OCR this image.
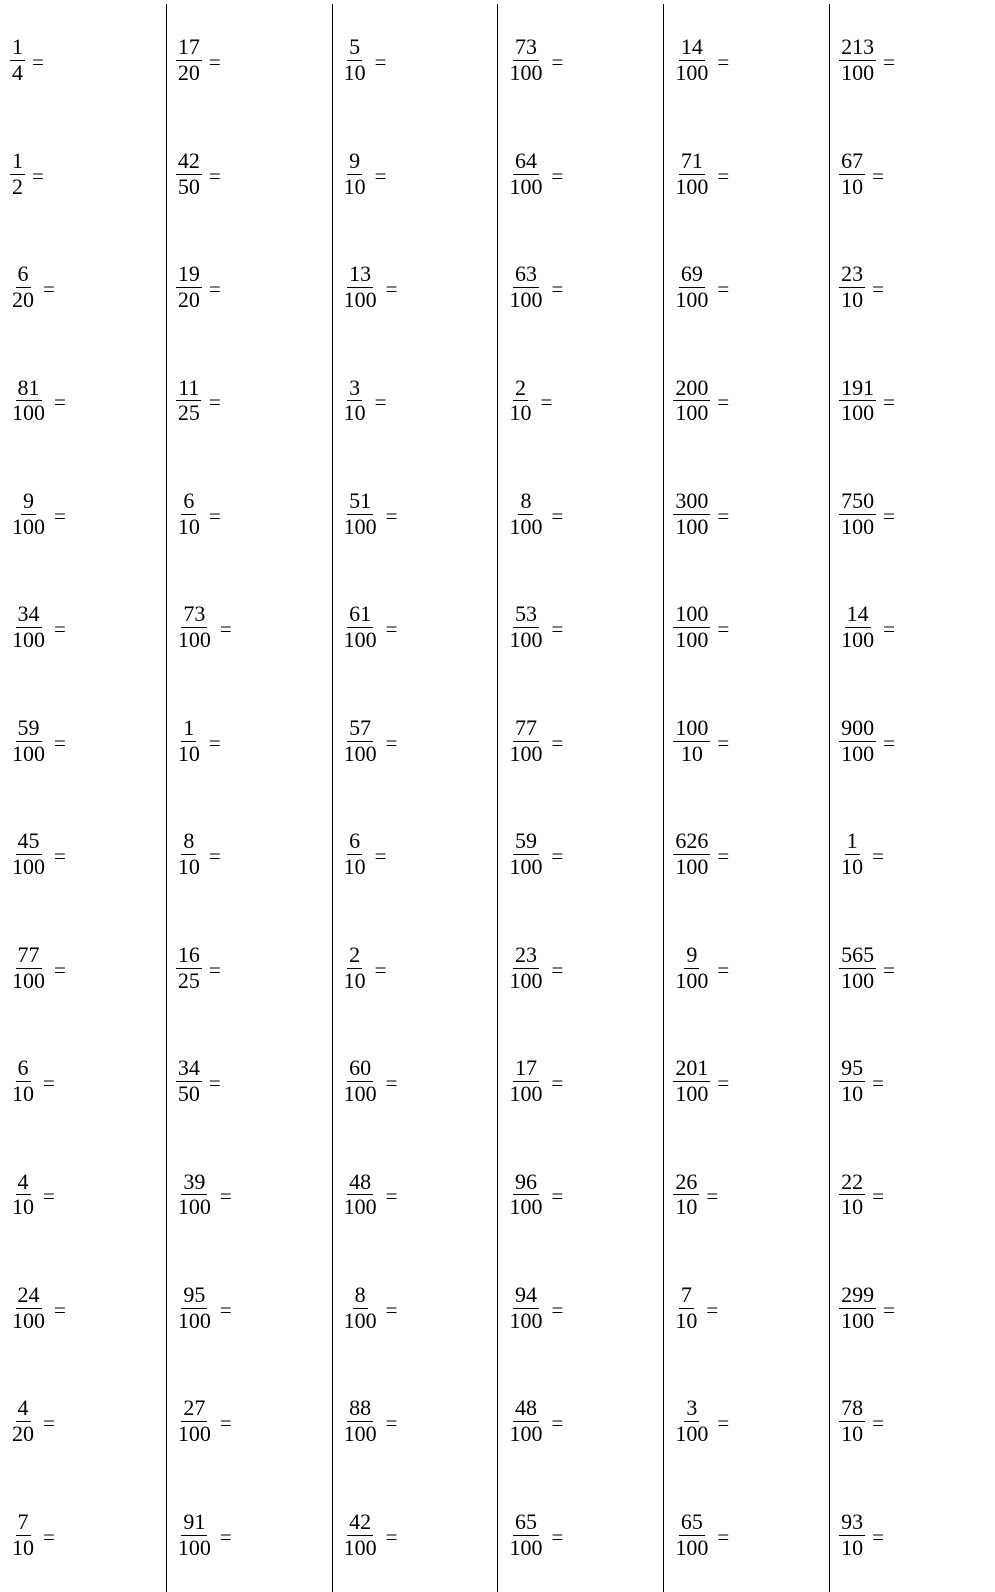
$\frac{1}{4}$ =
$\frac{1}{2}$ =
$\frac{6}{20}$ =
$\frac{81}{100}$ =
$\frac{9}{100}$ =
$\frac{34}{100}$ =
$\frac{59}{100}$ =
$\frac{45}{100}$ =
$\frac{77}{100}$ =
$\frac{6}{10}$ =
$\frac{4}{10}$ =
$\frac{24}{100}$ =
$\frac{4}{20}$ =
$\frac{7}{10}$ =
$\frac{17}{20}$ =
$\frac{42}{50}$ =
$\frac{19}{20}$ =
$\frac{11}{25}$ =
$\frac{6}{10}$ =
$\frac{73}{100}$ =
$\frac{1}{10}$ =
$\frac{8}{10}$ =
$\frac{16}{25}$ =
$\frac{34}{50}$ =
$\frac{39}{100}$ =
$\frac{95}{100}$ =
$\frac{27}{100}$ =
$\frac{91}{100}$ =
$\frac{5}{10}$ =
$\frac{9}{10}$ =
$\frac{13}{100}$ =
$\frac{3}{10}$ =
$\frac{51}{100}$ =
$\frac{61}{100}$ =
$\frac{57}{100}$ =
$\frac{6}{10}$ =
$\frac{2}{10}$ =
$\frac{60}{100}$ =
$\frac{48}{100}$ =
$\frac{8}{100}$ =
$\frac{88}{100}$ =
$\frac{42}{100}$ =
$\frac{73}{100}$ =
$\frac{64}{100}$ =
$\frac{63}{100}$ =
$\frac{2}{10}$ =
$\frac{8}{100}$ =
$\frac{53}{100}$ =
$\frac{77}{100}$ =
$\frac{59}{100}$ =
$\frac{23}{100}$ =
$\frac{17}{100}$ =
$\frac{96}{100}$ =
$\frac{94}{100}$ =
$\frac{48}{100}$ =
$\frac{65}{100}$ =
$\frac{14}{100}$ =
$\frac{71}{100}$ =
$\frac{69}{100}$ =
$\frac{200}{100}$ =
$\frac{300}{100}$ =
$\frac{100}{100}$ =
$\frac{100}{10}$ =
$\frac{626}{100}$ =
$\frac{9}{100}$ =
$\frac{201}{100}$ =
$\frac{26}{10}$ =
$\frac{7}{10}$ =
$\frac{3}{100}$ =
$\frac{65}{100}$ =
$\frac{213}{100}$ =
$\frac{67}{10}$ =
$\frac{23}{10}$ =
$\frac{191}{100}$ =
$\frac{750}{100}$ =
$\frac{14}{100}$ =
$\frac{900}{100}$ =
$\frac{1}{10}$ =
$\frac{565}{100}$ =
$\frac{95}{10}$ =
$\frac{22}{10}$ =
$\frac{299}{100}$ =
$\frac{78}{10}$ =
$\frac{93}{10}$ =
